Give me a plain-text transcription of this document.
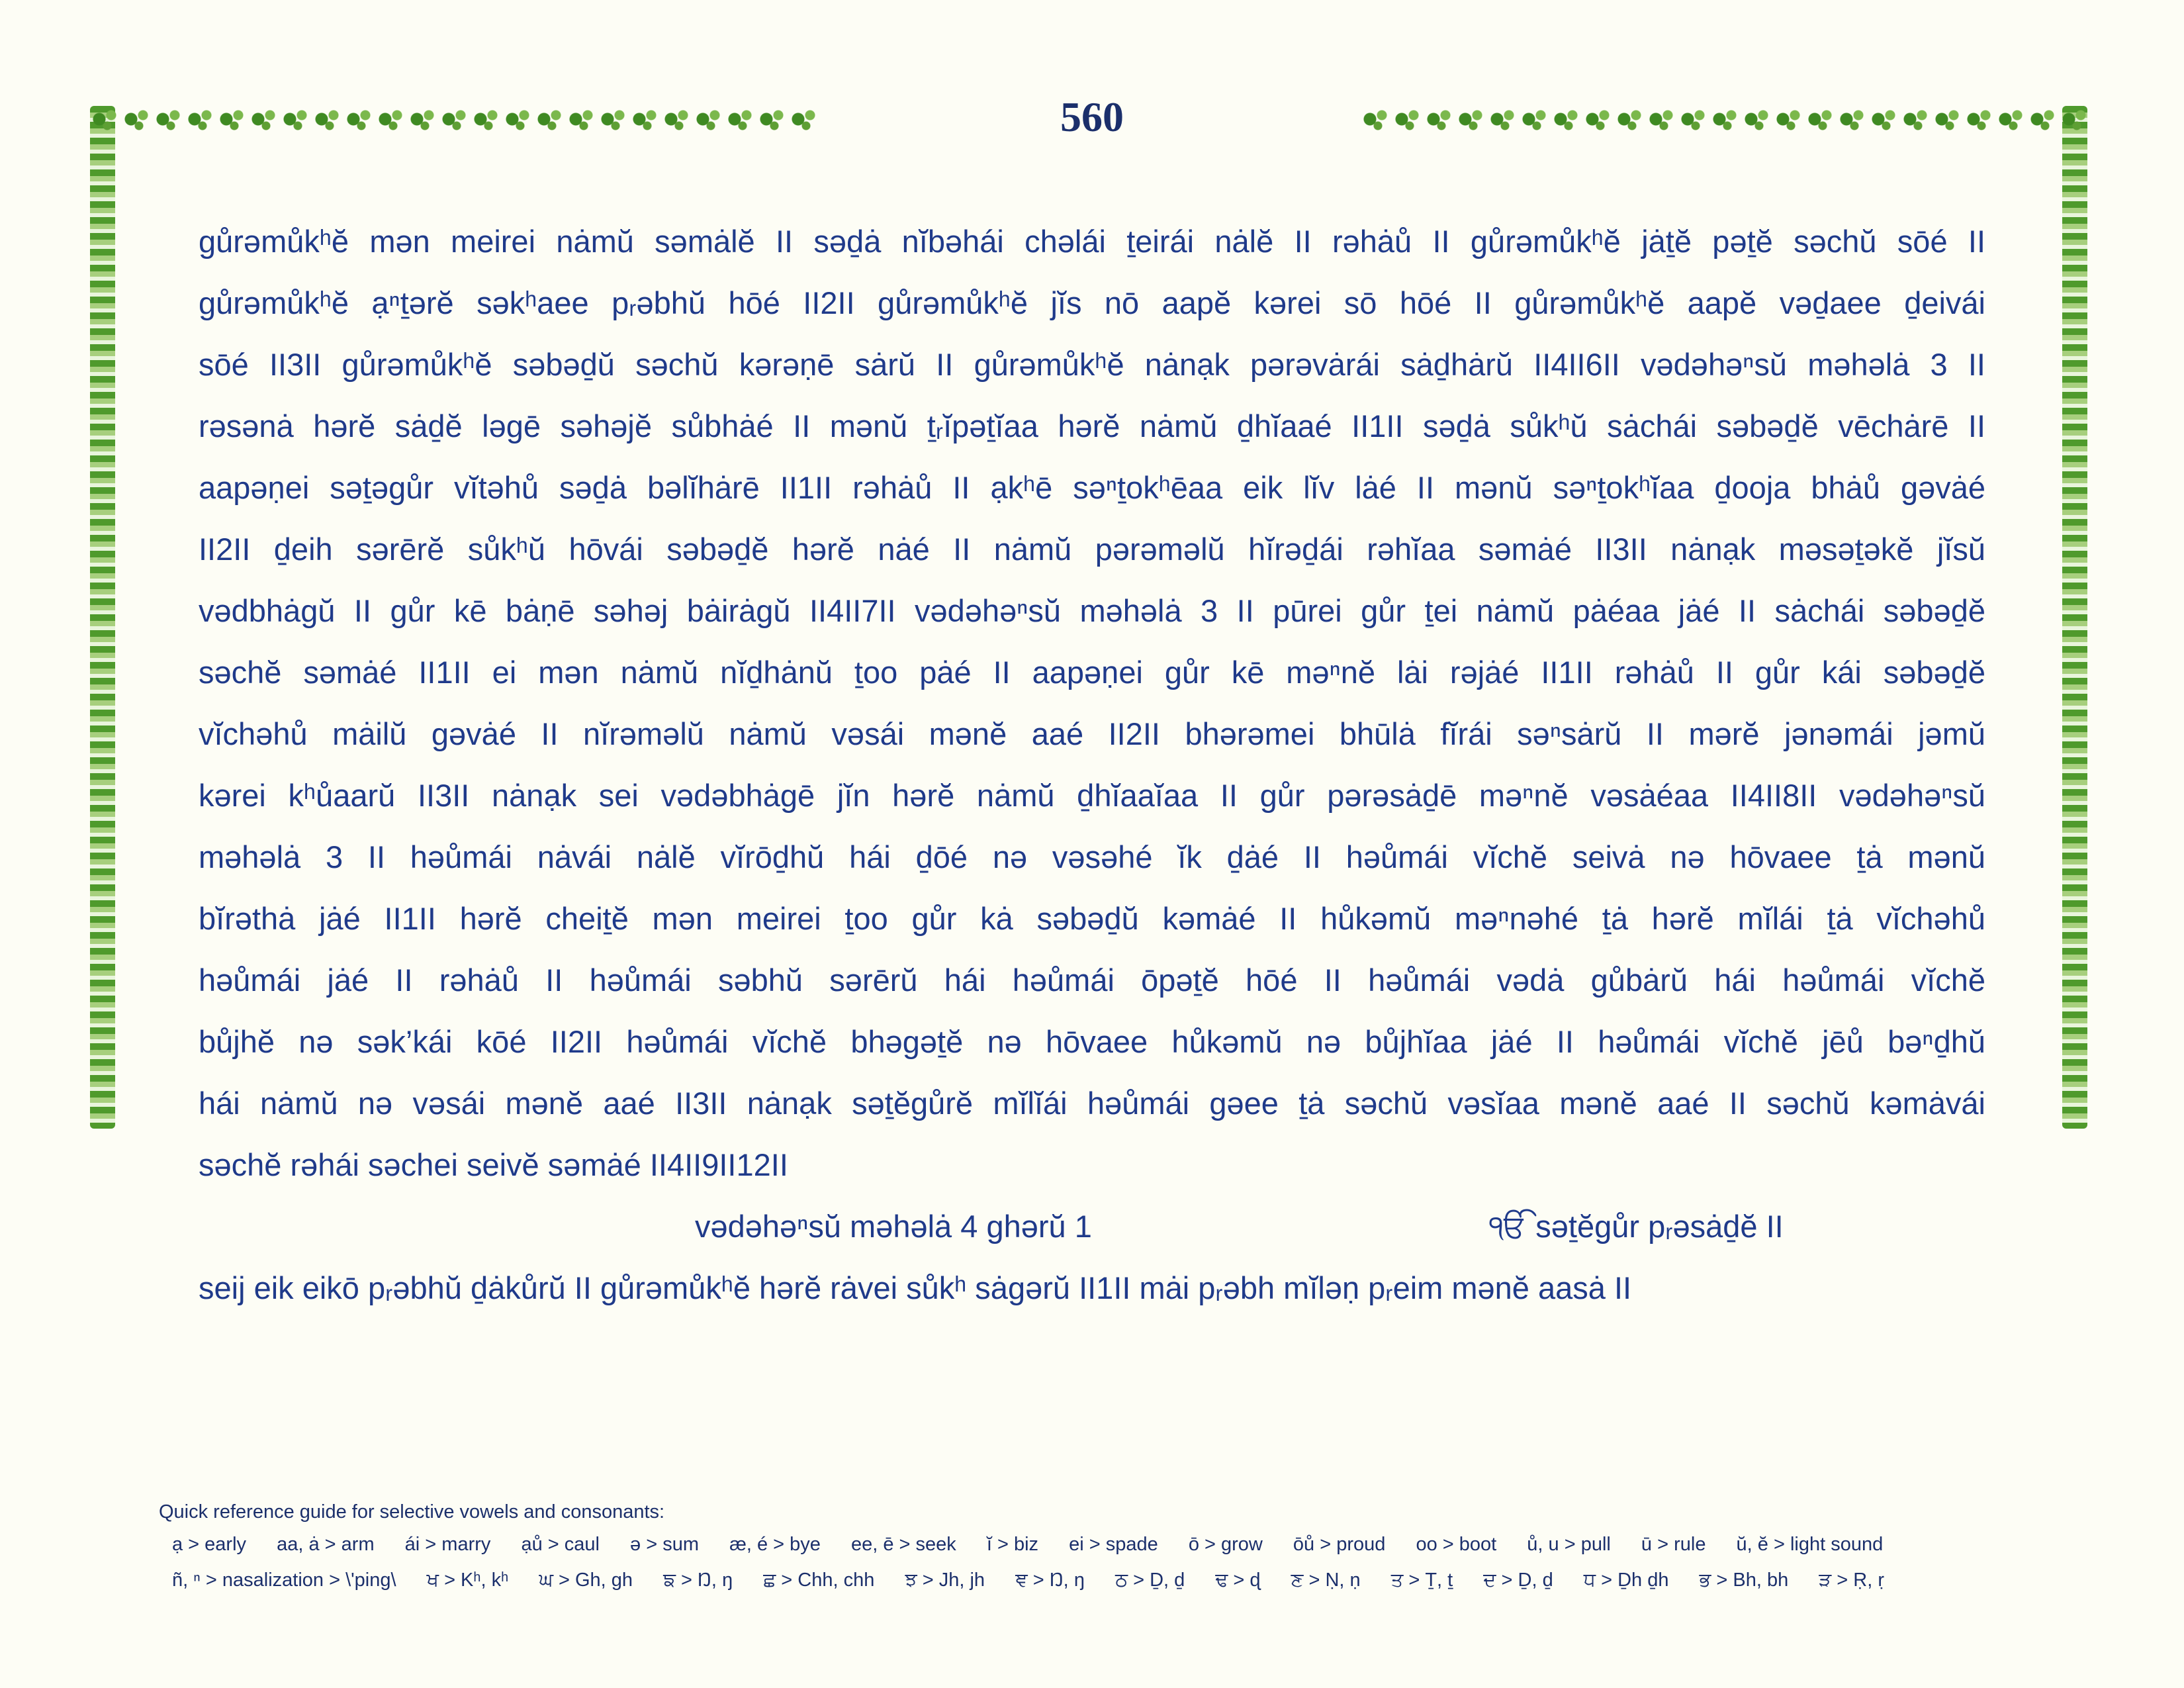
560
gůrəmůkʰĕ mən meirei nȧmŭ səmȧlĕ II səḏȧ nĭbəhái chəlái ṯeirái nȧlĕ II rəhȧů II gůrəmůkʰĕ jȧṯĕ pəṯĕ səchŭ sōé II
gůrəmůkʰĕ ạⁿṯərĕ səkʰaee pᵣəbhŭ hōé II2II gůrəmůkʰĕ jĭs nō aapĕ kərei sō hōé II gůrəmůkʰĕ aapĕ vəḏaee ḏeivái
sōé II3II gůrəmůkʰĕ səbəḏŭ səchŭ kərəṇē sȧrŭ II gůrəmůkʰĕ nȧnạk pərəvȧrái sȧḏhȧrŭ II4II6II vədəhəⁿsŭ məhəlȧ 3 II
rəsənȧ hərĕ sȧḏĕ ləgē səhəjĕ sůbhȧé II mənŭ ṯᵣĭpəṯĭaa hərĕ nȧmŭ ḏhĭaaé II1II səḏȧ sůkʰŭ sȧchái səbəḏĕ vēchȧrē II
aapəṇei səṯəgůr vĭtəhů səḏȧ bəlĭhȧrē II1II rəhȧů II ạkʰē səⁿṯokʰēaa eik lĭv lȧé II mənŭ səⁿṯokʰĭaa ḏooja bhȧů gəvȧé
II2II ḏeih sərērĕ sůkʰŭ hōvái səbəḏĕ hərĕ nȧé II nȧmŭ pərəməlŭ hĭrəḏái rəhĭaa səmȧé II3II nȧnạk məsəṯəkĕ jĭsŭ
vədbhȧgŭ II gůr kē bȧṇē səhəj bȧirȧgŭ II4II7II vədəhəⁿsŭ məhəlȧ 3 II pūrei gůr ṯei nȧmŭ pȧéaa jȧé II sȧchái səbəḏĕ
səchĕ səmȧé II1II ei mən nȧmŭ nĭḏhȧnŭ ṯoo pȧé II aapəṇei gůr kē məⁿnĕ lȧi rəjȧé II1II rəhȧů II gůr kái səbəḏĕ
vĭchəhů mȧilŭ gəvȧé II nĭrəməlŭ nȧmŭ vəsái mənĕ aaé II2II bhərəmei bhūlȧ fĭrái səⁿsȧrŭ II mərĕ jənəmái jəmŭ
kərei kʰůaarŭ II3II nȧnạk sei vədəbhȧgē jĭn hərĕ nȧmŭ ḏhĭaaĭaa II gůr pərəsȧḏē məⁿnĕ vəsȧéaa II4II8II vədəhəⁿsŭ
məhəlȧ 3 II həůmái nȧvái nȧlĕ vĭrōḏhŭ hái ḏōé nə vəsəhé ĭk ḏȧé II həůmái vĭchĕ seivȧ nə hōvaee ṯȧ mənŭ
bĭrəthȧ jȧé II1II hərĕ cheiṯĕ mən meirei ṯoo gůr kȧ səbəḏŭ kəmȧé II hůkəmŭ məⁿnəhé ṯȧ hərĕ mĭlái ṯȧ vĭchəhů
həůmái jȧé II rəhȧů II həůmái səbhŭ sərērŭ hái həůmái ōpəṯĕ hōé II həůmái vədȧ gůbȧrŭ hái həůmái vĭchĕ
bůjhĕ nə sək’kái kōé II2II həůmái vĭchĕ bhəgəṯĕ nə hōvaee hůkəmŭ nə bůjhĭaa jȧé II həůmái vĭchĕ jēů bəⁿḏhŭ
hái nȧmŭ nə vəsái mənĕ aaé II3II nȧnạk səṯĕgůrĕ mĭlĭái həůmái gəee ṯȧ səchŭ vəsĭaa mənĕ aaé II səchŭ kəmȧvái
səchĕ rəhái səchei seivĕ səmȧé II4II9II12II
vədəhəⁿsŭ məhəlȧ 4 ghərŭ 1	ੴ səṯĕgůr pᵣəsȧḏĕ II
seij eik eikō pᵣəbhŭ ḏȧkůrŭ II gůrəmůkʰĕ hərĕ rȧvei sůkʰ sȧgərŭ II1II mȧi pᵣəbh mĭləṇ pᵣeim mənĕ aasȧ II
Quick reference guide for selective vowels and consonants:
ạ > early aa, ȧ > arm ái > marry ạů > caul ə > sum æ, é > bye ee, ē > seek ĭ > biz ei > spade ō > grow ōů > proud oo > boot ů, u > pull ū > rule ŭ, ĕ > light sound
ñ, ⁿ > nasalization > \'ping\ ਖ > Kʰ, kʰ ਘ > Gh, gh ਙ > Ŋ, ŋ ਛ > Chh, chh ਝ > Jh, jh ਞ > Ŋ, ŋ ਠ > Ḏ, ḏ ਢ > ɖ ਣ > Ṇ, ṇ ਤ > Ṯ, ṯ ਦ > Ḏ, ḏ ਧ > Ḏh ḏh ਭ > Bh, bh ੜ > Ṛ, ṛ
